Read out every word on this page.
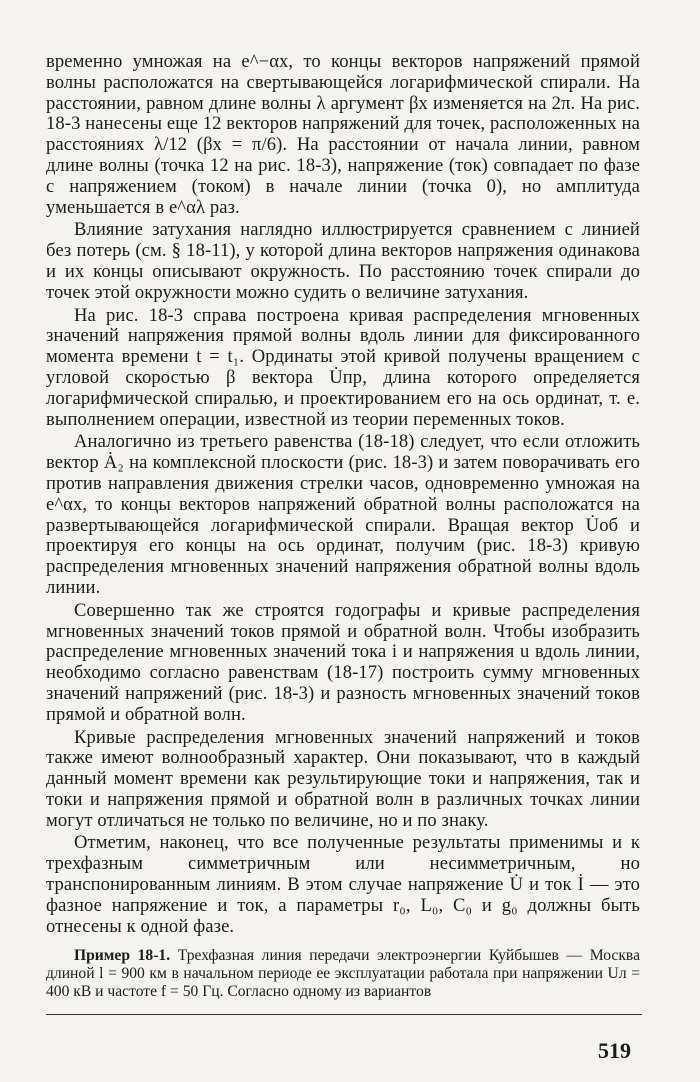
временно умножая на e^−αx, то концы векторов напряжений прямой волны расположатся на свертывающейся логарифмической спирали. На расстоянии, равном длине волны λ аргумент βx изменяется на 2π. На рис. 18-3 нанесены еще 12 векторов напряжений для точек, расположенных на расстояниях λ/12 (βx = π/6). На расстоянии от начала линии, равном длине волны (точка 12 на рис. 18-3), напряжение (ток) совпадает по фазе с напряжением (током) в начале линии (точка 0), но амплитуда уменьшается в e^αλ раз.

Влияние затухания наглядно иллюстрируется сравнением с линией без потерь (см. § 18-11), у которой длина векторов напряжения одинакова и их концы описывают окружность. По расстоянию точек спирали до точек этой окружности можно судить о величине затухания.

На рис. 18-3 справа построена кривая распределения мгновенных значений напряжения прямой волны вдоль линии для фиксированного момента времени t = t₁. Ординаты этой кривой получены вращением с угловой скоростью β вектора U̇пр, длина которого определяется логарифмической спиралью, и проектированием его на ось ординат, т. е. выполнением операции, известной из теории переменных токов.

Аналогично из третьего равенства (18-18) следует, что если отложить вектор Ȧ₂ на комплексной плоскости (рис. 18-3) и затем поворачивать его против направления движения стрелки часов, одновременно умножая на e^αx, то концы векторов напряжений обратной волны расположатся на развертывающейся логарифмической спирали. Вращая вектор U̇об и проектируя его концы на ось ординат, получим (рис. 18-3) кривую распределения мгновенных значений напряжения обратной волны вдоль линии.

Совершенно так же строятся годографы и кривые распределения мгновенных значений токов прямой и обратной волн. Чтобы изобразить распределение мгновенных значений тока i и напряжения u вдоль линии, необходимо согласно равенствам (18-17) построить сумму мгновенных значений напряжений (рис. 18-3) и разность мгновенных значений токов прямой и обратной волн.

Кривые распределения мгновенных значений напряжений и токов также имеют волнообразный характер. Они показывают, что в каждый данный момент времени как результирующие токи и напряжения, так и токи и напряжения прямой и обратной волн в различных точках линии могут отличаться не только по величине, но и по знаку.

Отметим, наконец, что все полученные результаты применимы и к трехфазным симметричным или несимметричным, но транспонированным линиям. В этом случае напряжение U̇ и ток İ — это фазное напряжение и ток, а параметры r₀, L₀, C₀ и g₀ должны быть отнесены к одной фазе.

Пример 18-1. Трехфазная линия передачи электроэнергии Куйбышев — Москва длиной l = 900 км в начальном периоде ее эксплуатации работала при напряжении Uл = 400 кВ и частоте f = 50 Гц. Согласно одному из вариантов

519
